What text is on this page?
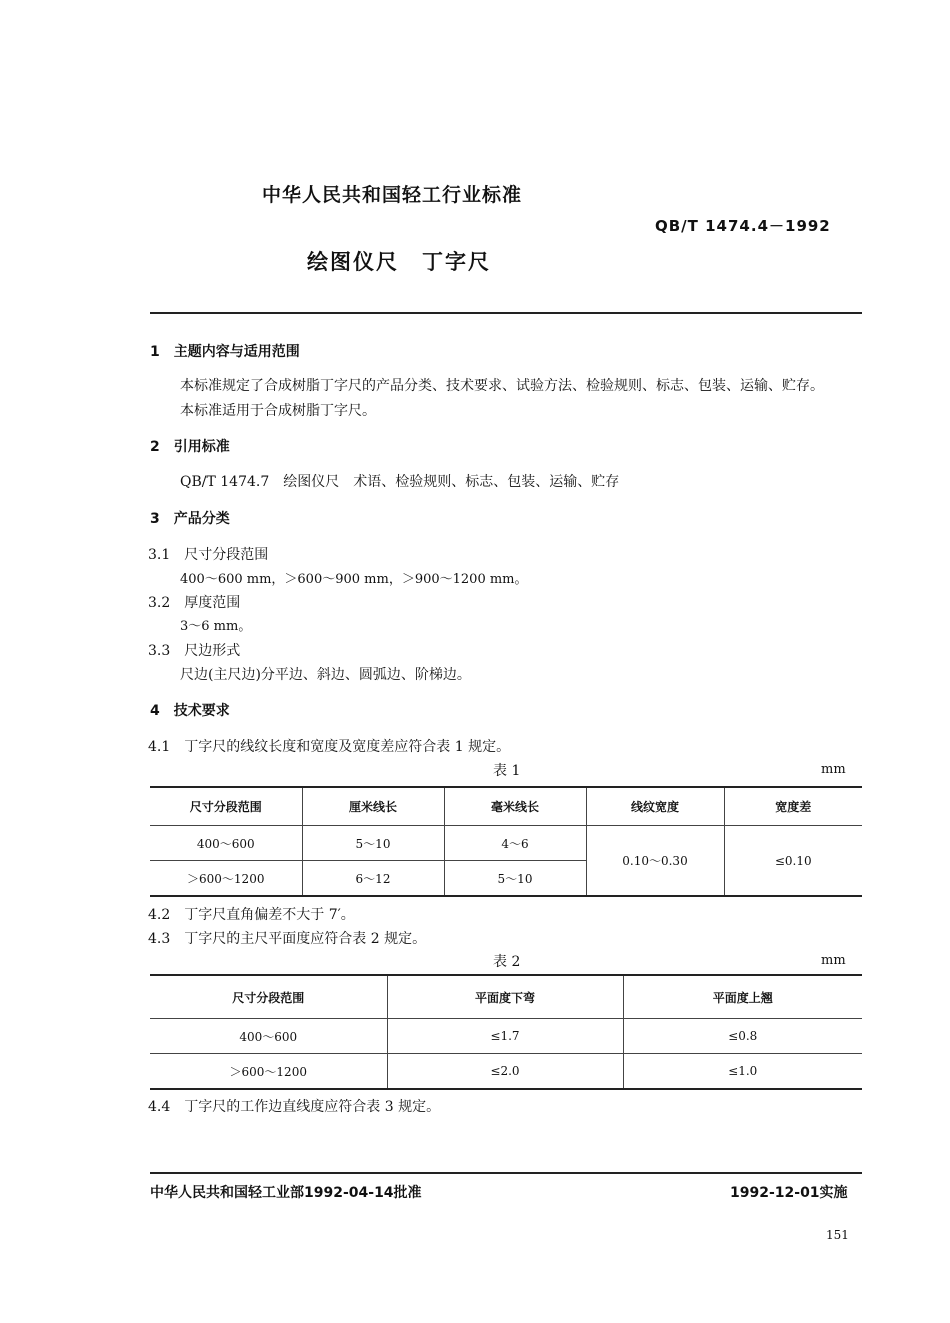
中华人民共和国轻工行业标准
QB/T 1474.4－1992
绘图仪尺　丁字尺
1　主题内容与适用范围
本标准规定了合成树脂丁字尺的产品分类、技术要求、试验方法、检验规则、标志、包装、运输、贮存。
本标准适用于合成树脂丁字尺。
2　引用标准
QB/T 1474.7　绘图仪尺　术语、检验规则、标志、包装、运输、贮存
3　产品分类
3.1　尺寸分段范围
400～600 mm，＞600～900 mm，＞900～1200 mm。
3.2　厚度范围
3～6 mm。
3.3　尺边形式
尺边(主尺边)分平边、斜边、圆弧边、阶梯边。
4　技术要求
4.1　丁字尺的线纹长度和宽度及宽度差应符合表 1 规定。
表 1	mm
尺寸分段范围	厘米线长	毫米线长	线纹宽度	宽度差
400～600	5～10	4～6	0.10～0.30	≤0.10
＞600～1200	6～12	5～10		
4.2　丁字尺直角偏差不大于 7′。
4.3　丁字尺的主尺平面度应符合表 2 规定。
表 2	mm
尺寸分段范围	平面度下弯	平面度上翘
400～600	≤1.7	≤0.8
＞600～1200	≤2.0	≤1.0
4.4　丁字尺的工作边直线度应符合表 3 规定。
中华人民共和国轻工业部1992-04-14批准	1992-12-01实施
151
